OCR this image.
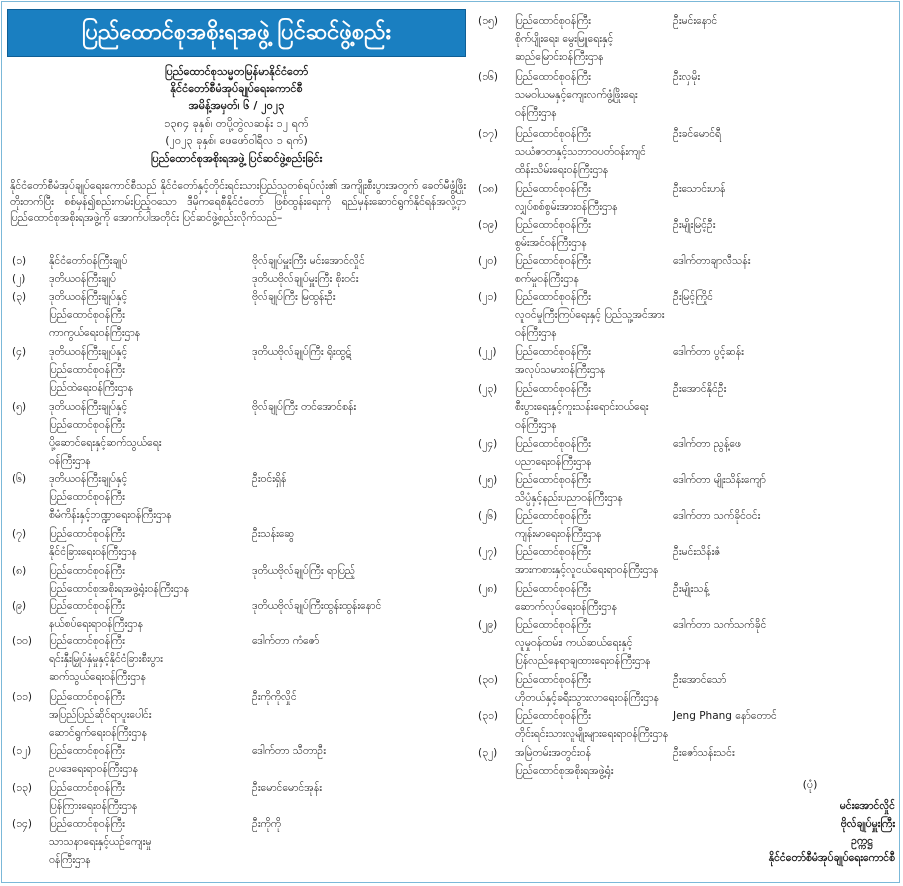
ပြည်ထောင်စုအစိုးရအဖွဲ့ ပြင်ဆင်ဖွဲ့စည်း
ပြည်ထောင်စုသမ္မတမြန်မာနိုင်ငံတော်
နိုင်ငံတော်စီမံအုပ်ချုပ်ရေးကောင်စီ
အမိန့်အမှတ်၊ ၆ / ၂၀၂၃
၁၃၈၄ ခုနှစ်၊ တပို့တွဲလဆန်း ၁၂ ရက်
(၂၀၂၃ ခုနှစ်၊ ဖေဖော်ဝါရီလ ၁ ရက်)
ပြည်ထောင်စုအစိုးရအဖွဲ့ ပြင်ဆင်ဖွဲ့စည်းခြင်း
နိုင်ငံတော်စီမံအုပ်ချုပ်ရေးကောင်စီသည် နိုင်ငံတော်နှင့်တိုင်းရင်းသားပြည်သူတစ်ရပ်လုံး၏ အကျိုးစီးပွားအတွက် ခေတ်မီဖွံ့ဖြိုးတိုးတက်ပြီး စစ်မှန်၍စည်းကမ်းပြည့်ဝသော ဒီမိုကရေစီနိုင်ငံတော် ဖြစ်ထွန်းရေးကို ရည်မှန်းဆောင်ရွက်နိုင်ရန်အလို့ငှာ ပြည်ထောင်စုအစိုးရအဖွဲ့ကို အောက်ပါအတိုင်း ပြင်ဆင်ဖွဲ့စည်းလိုက်သည်–
(၁) နိုင်ငံတော်ဝန်ကြီးချုပ်	ဗိုလ်ချုပ်မှူးကြီး မင်းအောင်လှိုင်
(၂) ဒုတိယဝန်ကြီးချုပ်	ဒုတိယဗိုလ်ချုပ်မှူးကြီး စိုးဝင်း
(၃) ဒုတိယဝန်ကြီးချုပ်နှင့်
ပြည်ထောင်စုဝန်ကြီး
ကာကွယ်ရေးဝန်ကြီးဌာန
ဗိုလ်ချုပ်ကြီး မြထွန်းဦး
(၄) ဒုတိယဝန်ကြီးချုပ်နှင့်
ပြည်ထောင်စုဝန်ကြီး
ပြည်ထဲရေးဝန်ကြီးဌာန
ဒုတိယဗိုလ်ချုပ်ကြီး ရိုးထွဋ်
(၅) ဒုတိယဝန်ကြီးချုပ်နှင့်
ပြည်ထောင်စုဝန်ကြီး
ပို့ဆောင်ရေးနှင့်ဆက်သွယ်ရေး
ဝန်ကြီးဌာန
ဗိုလ်ချုပ်ကြီး တင်အောင်စန်း
(၆) ဒုတိယဝန်ကြီးချုပ်နှင့်
ပြည်ထောင်စုဝန်ကြီး
စီမံကိန်းနှင့်ဘဏ္ဍာရေးဝန်ကြီးဌာန
ဦးဝင်းရှိန်
(၇) ပြည်ထောင်စုဝန်ကြီး
နိုင်ငံခြားရေးဝန်ကြီးဌာန
ဦးသန်းဆွေ
(၈) ပြည်ထောင်စုဝန်ကြီး
ပြည်ထောင်စုအစိုးရအဖွဲ့ရုံးဝန်ကြီးဌာန
ဒုတိယဗိုလ်ချုပ်ကြီး ရာပြည့်
(၉) ပြည်ထောင်စုဝန်ကြီး
နယ်စပ်ရေးရာဝန်ကြီးဌာန
ဒုတိယဗိုလ်ချုပ်ကြီးထွန်းထွန်းနောင်
(၁၀) ပြည်ထောင်စုဝန်ကြီး
ရင်းနှီးမြှုပ်နှံမှုနှင့်နိုင်ငံခြားစီးပွား
ဆက်သွယ်ရေးဝန်ကြီးဌာန
ဒေါက်တာ ကံဇော်
(၁၁) ပြည်ထောင်စုဝန်ကြီး
အပြည်ပြည်ဆိုင်ရာပူးပေါင်း
ဆောင်ရွက်ရေးဝန်ကြီးဌာန
ဦးကိုကိုလှိုင်
(၁၂) ပြည်ထောင်စုဝန်ကြီး
ဥပဒေရေးရာဝန်ကြီးဌာန
ဒေါက်တာ သီတာဦး
(၁၃) ပြည်ထောင်စုဝန်ကြီး
ပြန်ကြားရေးဝန်ကြီးဌာန
ဦးမောင်မောင်အုန်း
(၁၄) ပြည်ထောင်စုဝန်ကြီး
သာသနာရေးနှင့်ယဉ်ကျေးမှု
ဝန်ကြီးဌာန
ဦးကိုကို
(၁၅) ပြည်ထောင်စုဝန်ကြီး
စိုက်ပျိုးရေး၊ မွေးမြူရေးနှင့်
ဆည်မြောင်းဝန်ကြီးဌာန
ဦးမင်းနောင်
(၁၆) ပြည်ထောင်စုဝန်ကြီး
သမဝါယမနှင့်ကျေးလက်ဖွံ့ဖြိုးရေး
ဝန်ကြီးဌာန
ဦးလှမိုး
(၁၇) ပြည်ထောင်စုဝန်ကြီး
သယံဇာတနှင့်သဘာဝပတ်ဝန်းကျင်
ထိန်းသိမ်းရေးဝန်ကြီးဌာန
ဦးခင်မောင်ရီ
(၁၈) ပြည်ထောင်စုဝန်ကြီး
လျှပ်စစ်စွမ်းအားဝန်ကြီးဌာန
ဦးသောင်းဟန်
(၁၉) ပြည်ထောင်စုဝန်ကြီး
စွမ်းအင်ဝန်ကြီးဌာန
ဦးမျိုးမြင့်ဦး
(၂၀) ပြည်ထောင်စုဝန်ကြီး
စက်မှုဝန်ကြီးဌာန
ဒေါက်တာချာလီသန်း
(၂၁) ပြည်ထောင်စုဝန်ကြီး
လူဝင်မှုကြီးကြပ်ရေးနှင့် ပြည်သူ့အင်အား
ဝန်ကြီးဌာန
ဦးမြင့်ကြိုင်
(၂၂) ပြည်ထောင်စုဝန်ကြီး
အလုပ်သမားဝန်ကြီးဌာန
ဒေါက်တာ ပွင့်ဆန်း
(၂၃) ပြည်ထောင်စုဝန်ကြီး
စီးပွားရေးနှင့်ကူးသန်းရောင်းဝယ်ရေး
ဝန်ကြီးဌာန
ဦးအောင်နိုင်ဦး
(၂၄) ပြည်ထောင်စုဝန်ကြီး
ပညာရေးဝန်ကြီးဌာန
ဒေါက်တာ ညွန့်ဖေ
(၂၅) ပြည်ထောင်စုဝန်ကြီး
သိပ္ပံနှင့်နည်းပညာဝန်ကြီးဌာန
ဒေါက်တာ မျိုးသိန်းကျော်
(၂၆) ပြည်ထောင်စုဝန်ကြီး
ကျန်းမာရေးဝန်ကြီးဌာန
ဒေါက်တာ သက်ခိုင်ဝင်း
(၂၇) ပြည်ထောင်စုဝန်ကြီး
အားကစားနှင့်လူငယ်ရေးရာဝန်ကြီးဌာန
ဦးမင်းသိန်းဇံ
(၂၈) ပြည်ထောင်စုဝန်ကြီး
ဆောက်လုပ်ရေးဝန်ကြီးဌာန
ဦးမျိုးသန့်
(၂၉) ပြည်ထောင်စုဝန်ကြီး
လူမှုဝန်ထမ်း၊ ကယ်ဆယ်ရေးနှင့်
ပြန်လည်နေရာချထားရေးဝန်ကြီးဌာန
ဒေါက်တာ သက်သက်ခိုင်
(၃၀) ပြည်ထောင်စုဝန်ကြီး
ဟိုတယ်နှင့်ခရီးသွားလာရေးဝန်ကြီးဌာန
ဦးအောင်သော်
(၃၁) ပြည်ထောင်စုဝန်ကြီး
တိုင်းရင်းသားလူမျိုးများရေးရာဝန်ကြီးဌာန
Jeng Phang နော်တောင်
(၃၂) အမြဲတမ်းအတွင်းဝန်
ပြည်ထောင်စုအစိုးရအဖွဲ့ရုံး
ဦးဇော်သန်းသင်း
(ပုံ)
မင်းအောင်လှိုင်
ဗိုလ်ချုပ်မှူးကြီး
ဥက္ကဋ္ဌ
နိုင်ငံတော်စီမံအုပ်ချုပ်ရေးကောင်စီ
